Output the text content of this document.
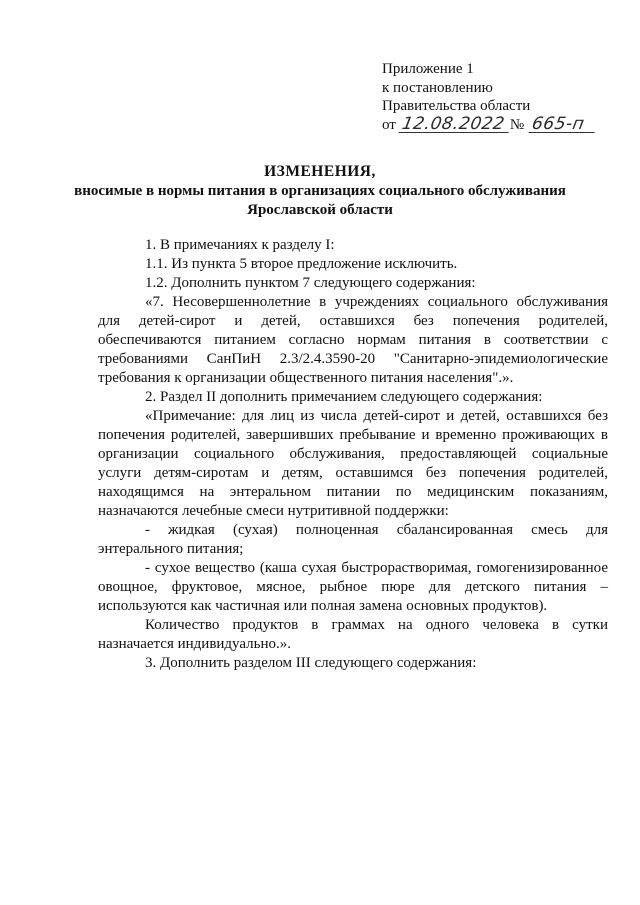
Приложение 1
к постановлению
Правительства области
от 12.08.2022 № 665-п
ИЗМЕНЕНИЯ,
вносимые в нормы питания в организациях социального обслуживания
Ярославской области

1. В примечаниях к разделу I:

1.1. Из пункта 5 второе предложение исключить.

1.2. Дополнить пунктом 7 следующего содержания:

«7. Несовершеннолетние в учреждениях социального обслуживания для детей-сирот и детей, оставшихся без попечения родителей, обеспечиваются питанием согласно нормам питания в соответствии с требованиями СанПиН 2.3/2.4.3590-20 "Санитарно-эпидемиологические требования к организации общественного питания населения".».

2. Раздел II дополнить примечанием следующего содержания:

«Примечание: для лиц из числа детей-сирот и детей, оставшихся без попечения родителей, завершивших пребывание и временно проживающих в организации социального обслуживания, предоставляющей социальные услуги детям-сиротам и детям, оставшимся без попечения родителей, находящимся на энтеральном питании по медицинским показаниям, назначаются лечебные смеси нутритивной поддержки:

- жидкая (сухая) полноценная сбалансированная смесь для энтерального питания;

- сухое вещество (каша сухая быстрорастворимая, гомогенизированное овощное, фруктовое, мясное, рыбное пюре для детского питания – используются как частичная или полная замена основных продуктов).

Количество продуктов в граммах на одного человека в сутки назначается индивидуально.».

3. Дополнить разделом III следующего содержания:
